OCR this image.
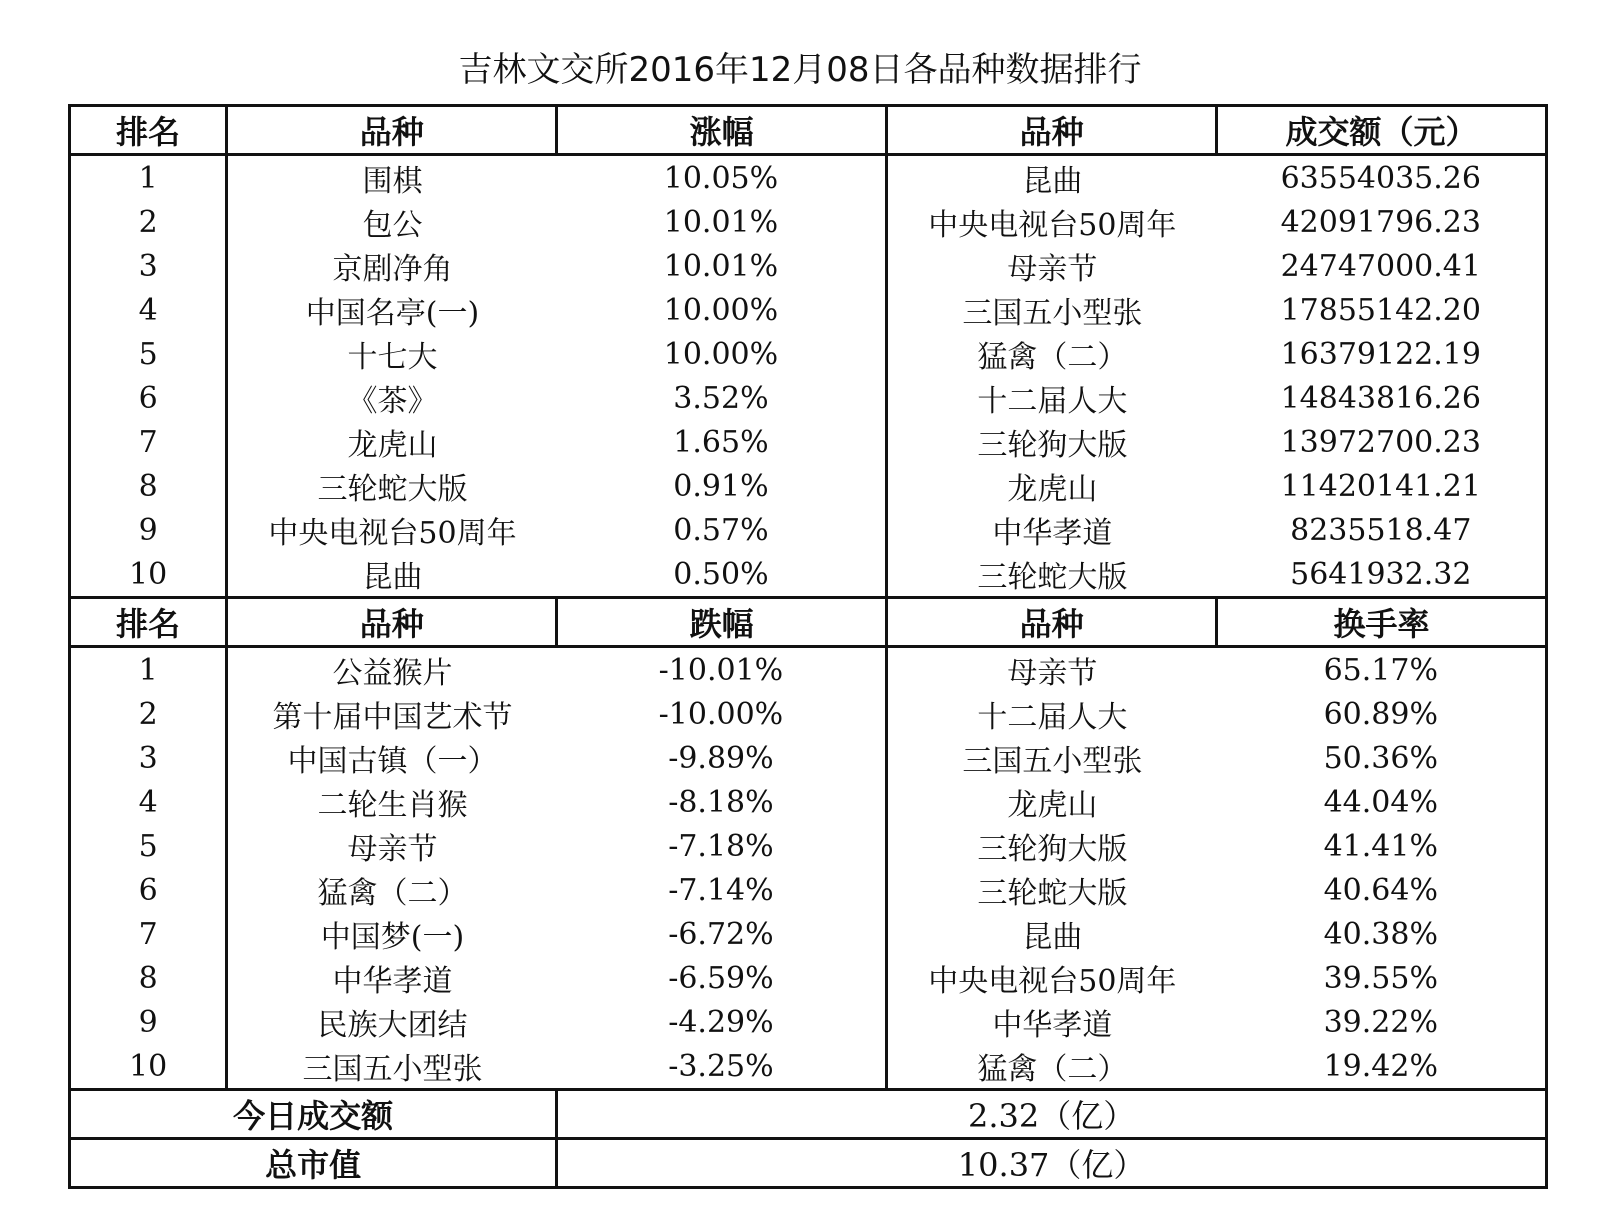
吉林文交所2016年12月08日各品种数据排行
排名	品种	涨幅	品种	成交额（元）
1	围棋	10.05%	昆曲	63554035.26
2	包公	10.01%	中央电视台50周年	42091796.23
3	京剧净角	10.01%	母亲节	24747000.41
4	中国名亭(一)	10.00%	三国五小型张	17855142.20
5	十七大	10.00%	猛禽（二）	16379122.19
6	《茶》	3.52%	十二届人大	14843816.26
7	龙虎山	1.65%	三轮狗大版	13972700.23
8	三轮蛇大版	0.91%	龙虎山	11420141.21
9	中央电视台50周年	0.57%	中华孝道	8235518.47
10	昆曲	0.50%	三轮蛇大版	5641932.32
排名	品种	跌幅	品种	换手率
1	公益猴片	-10.01%	母亲节	65.17%
2	第十届中国艺术节	-10.00%	十二届人大	60.89%
3	中国古镇（一）	-9.89%	三国五小型张	50.36%
4	二轮生肖猴	-8.18%	龙虎山	44.04%
5	母亲节	-7.18%	三轮狗大版	41.41%
6	猛禽（二）	-7.14%	三轮蛇大版	40.64%
7	中国梦(一)	-6.72%	昆曲	40.38%
8	中华孝道	-6.59%	中央电视台50周年	39.55%
9	民族大团结	-4.29%	中华孝道	39.22%
10	三国五小型张	-3.25%	猛禽（二）	19.42%
今日成交额		2.32（亿）		
总市值		10.37（亿）		
